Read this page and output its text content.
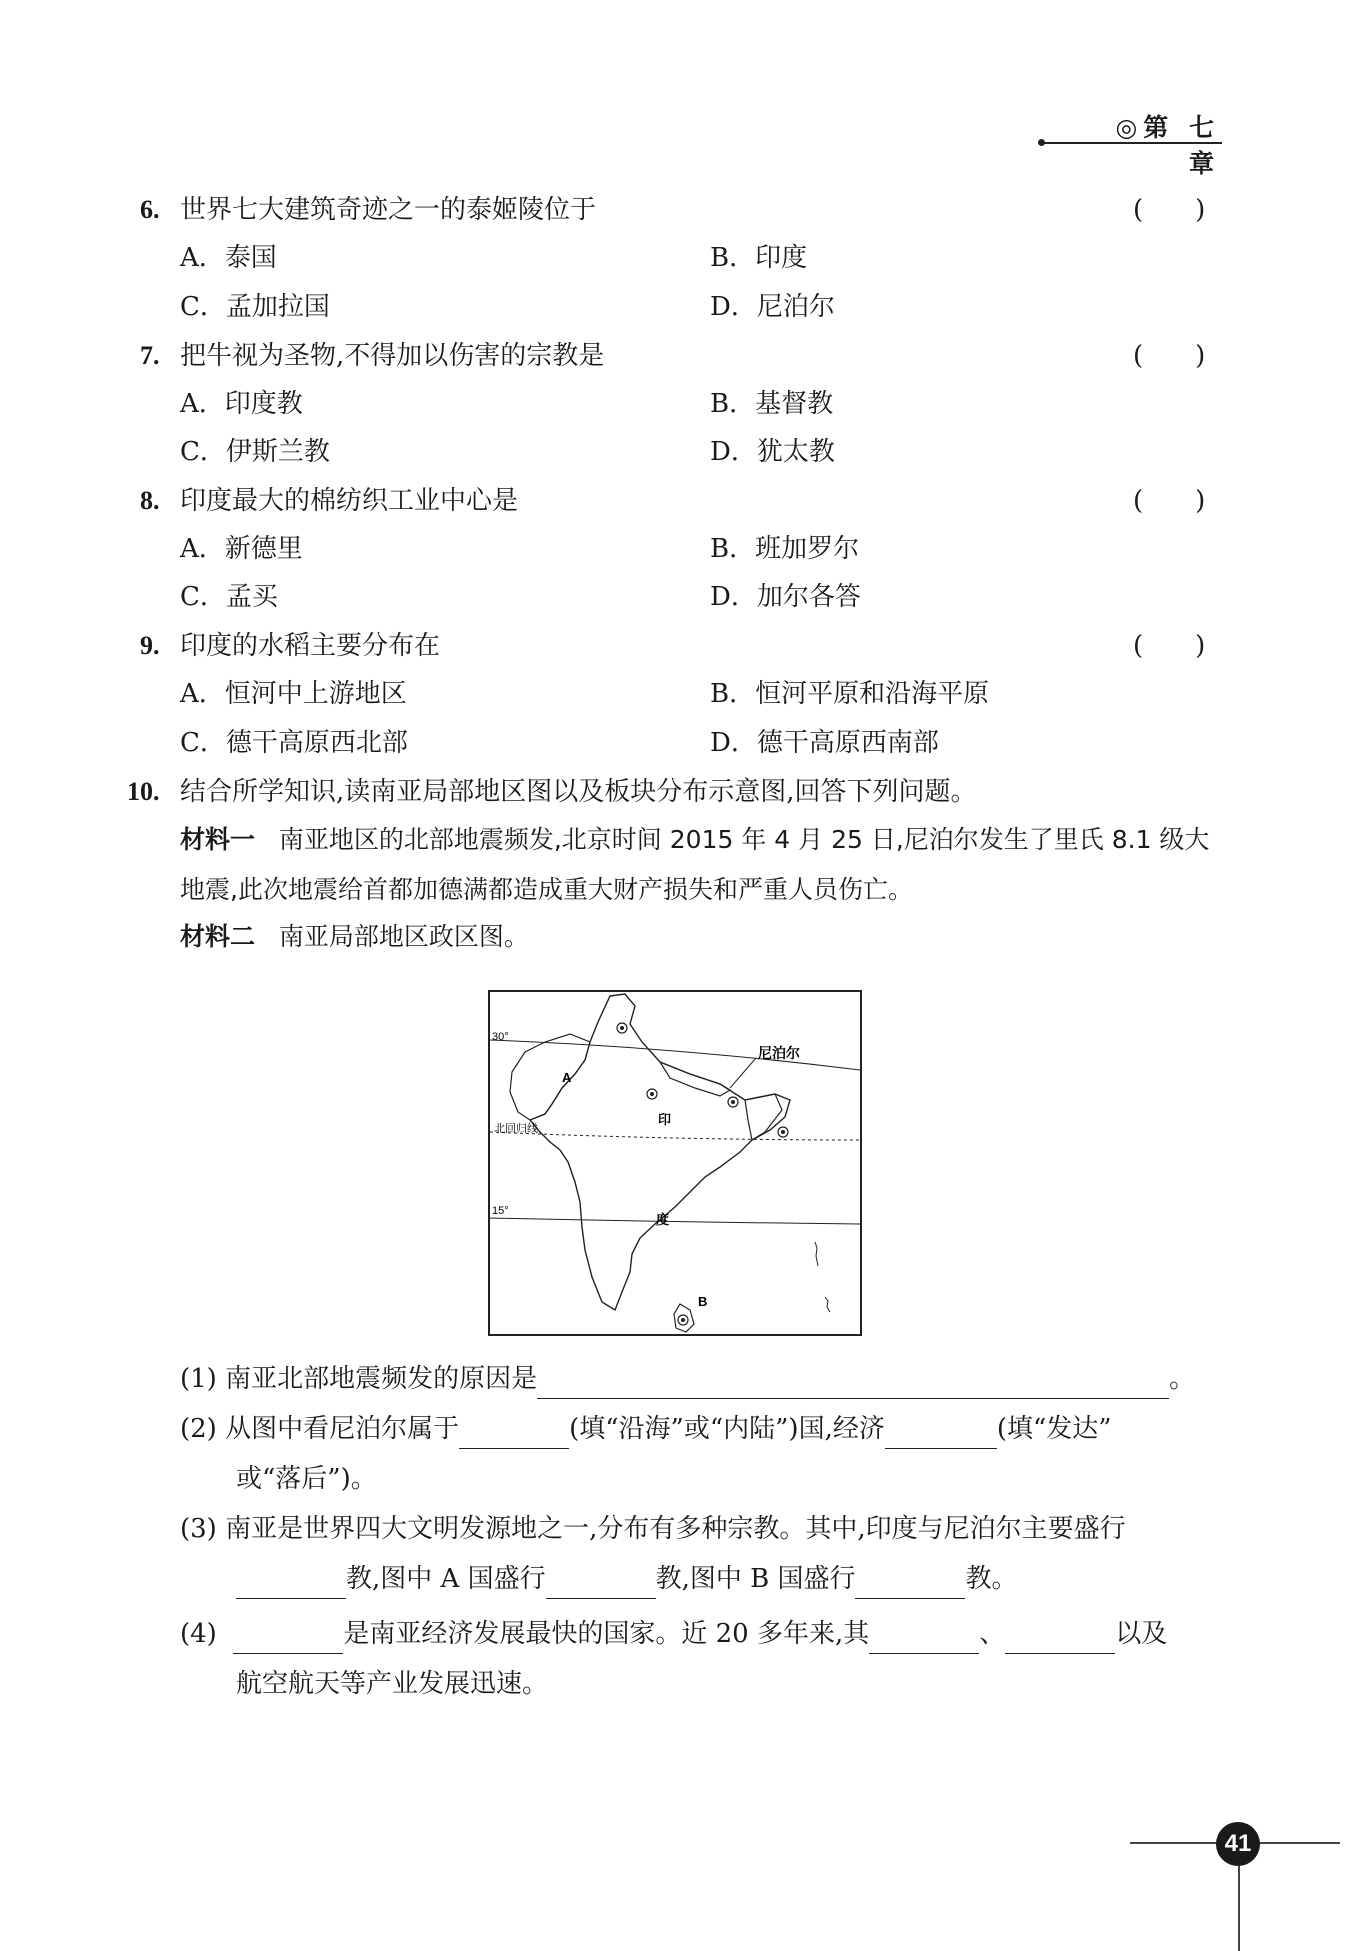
◎第 七 章
6. 世界七大建筑奇迹之一的泰姬陵位于	(　　)
A．泰国	B．印度
C．孟加拉国	D．尼泊尔
7. 把牛视为圣物,不得加以伤害的宗教是	(　　)
A．印度教	B．基督教
C．伊斯兰教	D．犹太教
8. 印度最大的棉纺织工业中心是	(　　)
A．新德里	B．班加罗尔
C．孟买	D．加尔各答
9. 印度的水稻主要分布在	(　　)
A．恒河中上游地区	B．恒河平原和沿海平原
C．德干高原西北部	D．德干高原西南部
10. 结合所学知识,读南亚局部地区图以及板块分布示意图,回答下列问题。
材料一 南亚地区的北部地震频发,北京时间 2015 年 4 月 25 日,尼泊尔发生了里氏 8.1 级大地震,此次地震给首都加德满都造成重大财产损失和严重人员伤亡。
材料二 南亚局部地区政区图。
30°
北回归线
15°
尼泊尔
A
印
度
B
(1) 南亚北部地震频发的原因是	。
(2) 从图中看尼泊尔属于	(填“沿海”或“内陆”)国,经济	(填“发达”
或“落后”)。
(3) 南亚是世界四大文明发源地之一,分布有多种宗教。其中,印度与尼泊尔主要盛行
教,图中 A 国盛行	教,图中 B 国盛行	教。
(4)	是南亚经济发展最快的国家。近 20 多年来,其	、	以及
航空航天等产业发展迅速。
41
